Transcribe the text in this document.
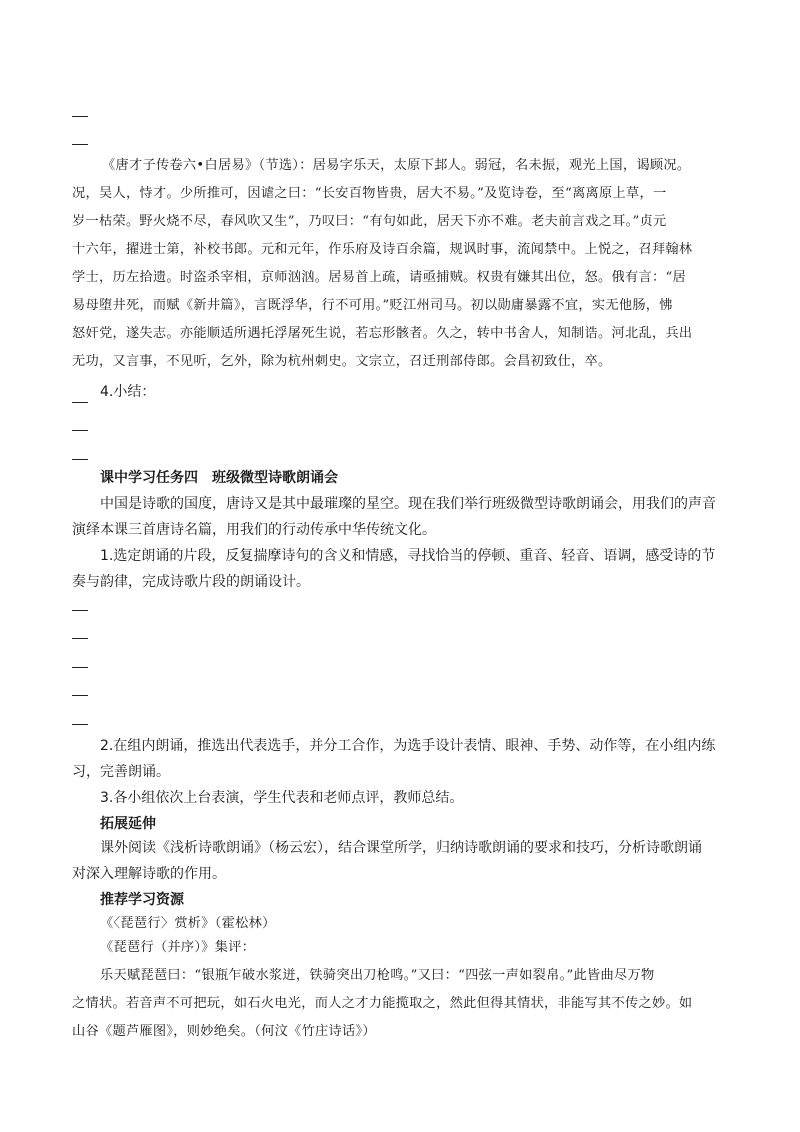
《唐才子传卷六•白居易》（节选）：居易字乐天，太原下邽人。弱冠，名未振，观光上国，谒顾况。
况，吴人，恃才。少所推可，因谑之曰：“长安百物皆贵，居大不易。”及览诗卷，至“离离原上草，一
岁一枯荣。野火烧不尽，春风吹又生”，乃叹曰：“有句如此，居天下亦不难。老夫前言戏之耳。”贞元
十六年，擢进士第，补校书郎。元和元年，作乐府及诗百余篇，规讽时事，流闻禁中。上悦之，召拜翰林
学士，历左拾遗。时盗杀宰相，京师汹汹。居易首上疏，请亟捕贼。权贵有嫌其出位，怒。俄有言：“居
易母堕井死，而赋《新井篇》，言既浮华，行不可用。”贬江州司马。初以勋庸暴露不宜，实无他肠，怫
怒奸党，遂失志。亦能顺适所遇托浮屠死生说，若忘形骸者。久之，转中书舍人，知制诰。河北乱，兵出
无功，又言事，不见听，乞外，除为杭州刺史。文宗立，召迁刑部侍郎。会昌初致仕，卒。
4.小结：
课中学习任务四　班级微型诗歌朗诵会
中国是诗歌的国度，唐诗又是其中最璀璨的星空。现在我们举行班级微型诗歌朗诵会，用我们的声音
演绎本课三首唐诗名篇，用我们的行动传承中华传统文化。
1.选定朗诵的片段，反复揣摩诗句的含义和情感，寻找恰当的停顿、重音、轻音、语调，感受诗的节
奏与韵律，完成诗歌片段的朗诵设计。
2.在组内朗诵，推选出代表选手，并分工合作，为选手设计表情、眼神、手势、动作等，在小组内练
习，完善朗诵。
3.各小组依次上台表演，学生代表和老师点评，教师总结。
拓展延伸
课外阅读《浅析诗歌朗诵》（杨云宏），结合课堂所学，归纳诗歌朗诵的要求和技巧，分析诗歌朗诵
对深入理解诗歌的作用。
推荐学习资源
《〈琵琶行〉赏析》（霍松林）
《琵琶行（并序）》集评：
乐天赋琵琶曰：“银瓶乍破水浆迸，铁骑突出刀枪鸣。”又曰：“四弦一声如裂帛。”此皆曲尽万物
之情状。若音声不可把玩，如石火电光，而人之才力能揽取之，然此但得其情状，非能写其不传之妙。如
山谷《题芦雁图》，则妙绝矣。（何汶《竹庄诗话》）
